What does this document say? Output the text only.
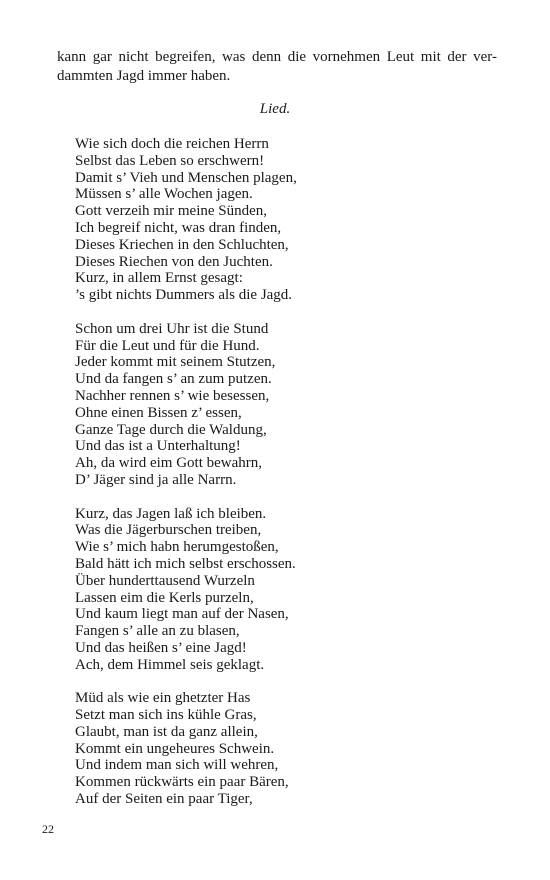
kann gar nicht begreifen, was denn die vornehmen Leut mit der ver-
dammten Jagd immer haben.

Lied.

Wie sich doch die reichen Herrn
Selbst das Leben so erschwern!
Damit s’ Vieh und Menschen plagen,
Müssen s’ alle Wochen jagen.
Gott verzeih mir meine Sünden,
Ich begreif nicht, was dran finden,
Dieses Kriechen in den Schluchten,
Dieses Riechen von den Juchten.
Kurz, in allem Ernst gesagt:
’s gibt nichts Dummers als die Jagd.
Schon um drei Uhr ist die Stund
Für die Leut und für die Hund.
Jeder kommt mit seinem Stutzen,
Und da fangen s’ an zum putzen.
Nachher rennen s’ wie besessen,
Ohne einen Bissen z’ essen,
Ganze Tage durch die Waldung,
Und das ist a Unterhaltung!
Ah, da wird eim Gott bewahrn,
D’ Jäger sind ja alle Narrn.
Kurz, das Jagen laß ich bleiben.
Was die Jägerburschen treiben,
Wie s’ mich habn herumgestoßen,
Bald hätt ich mich selbst erschossen.
Über hunderttausend Wurzeln
Lassen eim die Kerls purzeln,
Und kaum liegt man auf der Nasen,
Fangen s’ alle an zu blasen,
Und das heißen s’ eine Jagd!
Ach, dem Himmel seis geklagt.
Müd als wie ein ghetzter Has
Setzt man sich ins kühle Gras,
Glaubt, man ist da ganz allein,
Kommt ein ungeheures Schwein.
Und indem man sich will wehren,
Kommen rückwärts ein paar Bären,
Auf der Seiten ein paar Tiger,

22
